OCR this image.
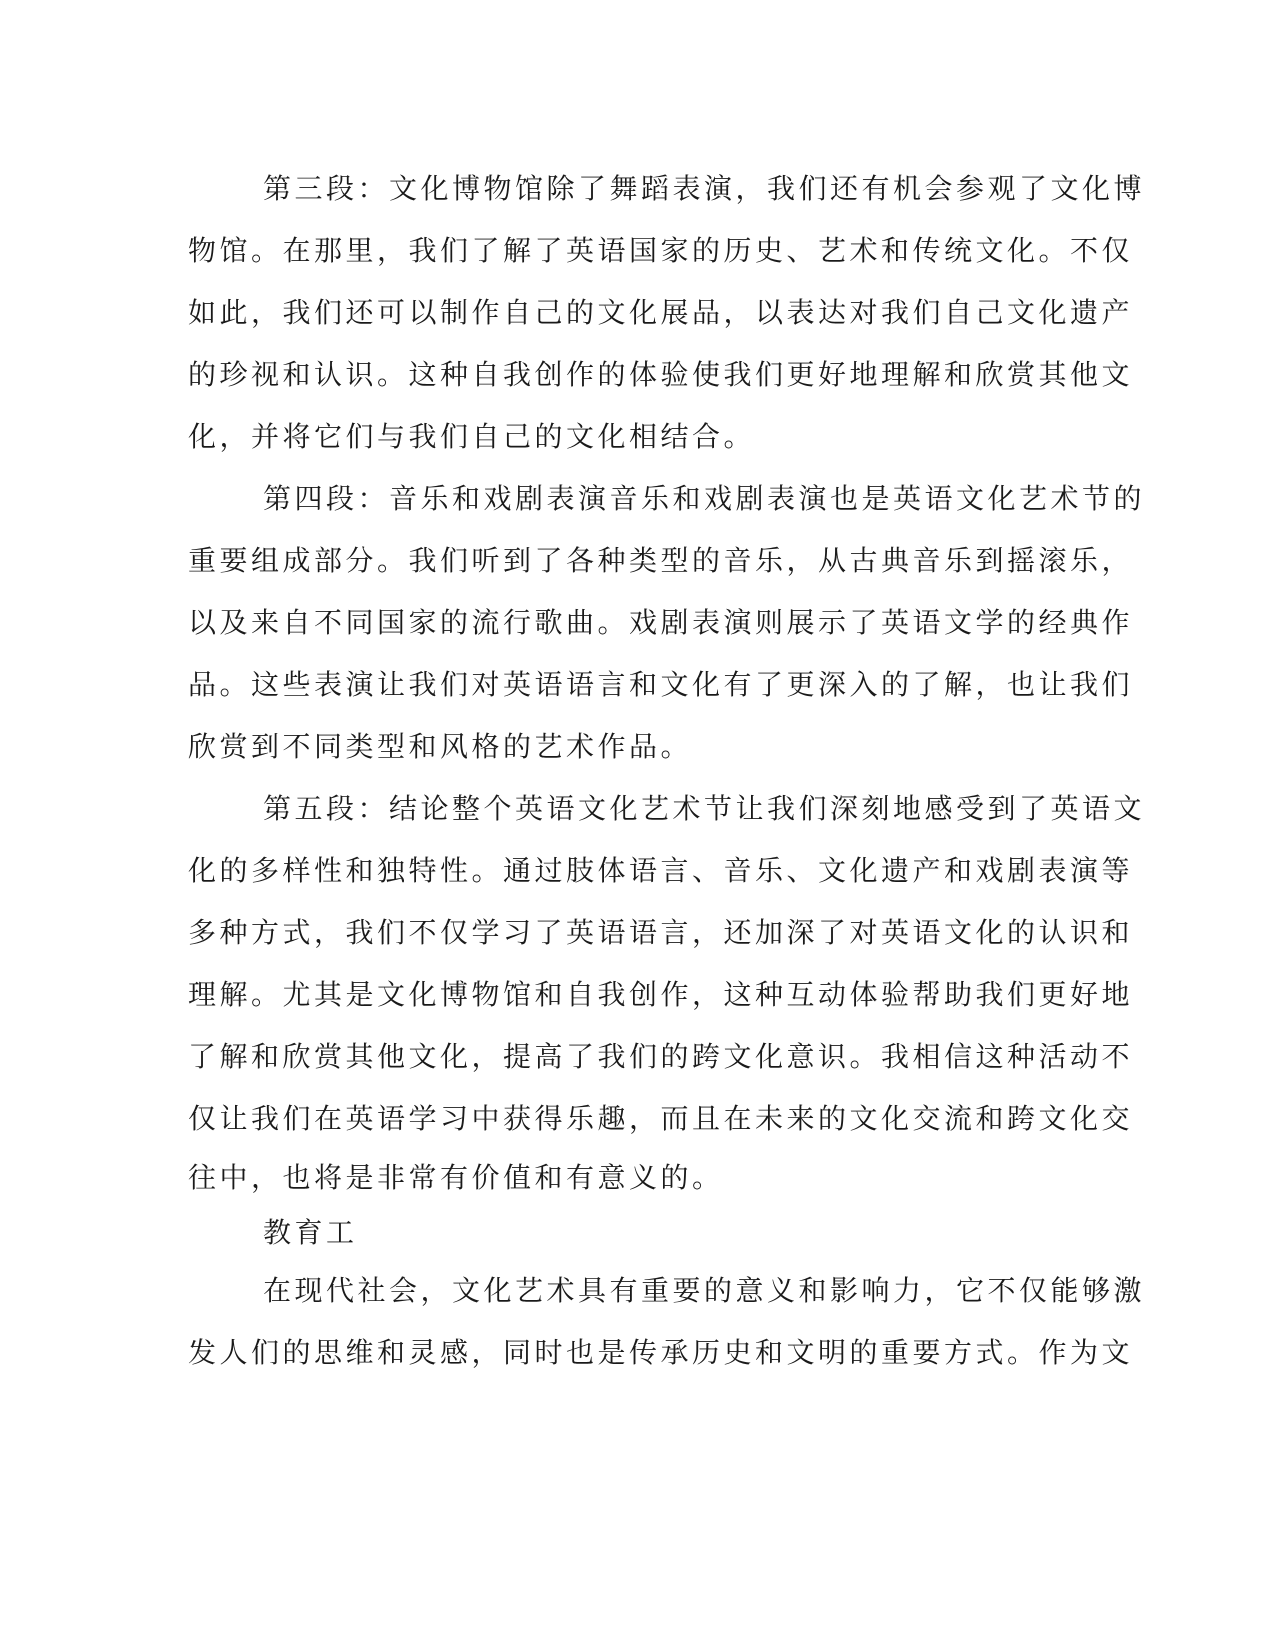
第三段：文化博物馆除了舞蹈表演，我们还有机会参观了文化博
物馆。在那里，我们了解了英语国家的历史、艺术和传统文化。不仅
如此，我们还可以制作自己的文化展品，以表达对我们自己文化遗产
的珍视和认识。这种自我创作的体验使我们更好地理解和欣赏其他文
化，并将它们与我们自己的文化相结合。
第四段：音乐和戏剧表演音乐和戏剧表演也是英语文化艺术节的
重要组成部分。我们听到了各种类型的音乐，从古典音乐到摇滚乐，
以及来自不同国家的流行歌曲。戏剧表演则展示了英语文学的经典作
品。这些表演让我们对英语语言和文化有了更深入的了解，也让我们
欣赏到不同类型和风格的艺术作品。
第五段：结论整个英语文化艺术节让我们深刻地感受到了英语文
化的多样性和独特性。通过肢体语言、音乐、文化遗产和戏剧表演等
多种方式，我们不仅学习了英语语言，还加深了对英语文化的认识和
理解。尤其是文化博物馆和自我创作，这种互动体验帮助我们更好地
了解和欣赏其他文化，提高了我们的跨文化意识。我相信这种活动不
仅让我们在英语学习中获得乐趣，而且在未来的文化交流和跨文化交
往中，也将是非常有价值和有意义的。
教育工
在现代社会，文化艺术具有重要的意义和影响力，它不仅能够激
发人们的思维和灵感，同时也是传承历史和文明的重要方式。作为文
